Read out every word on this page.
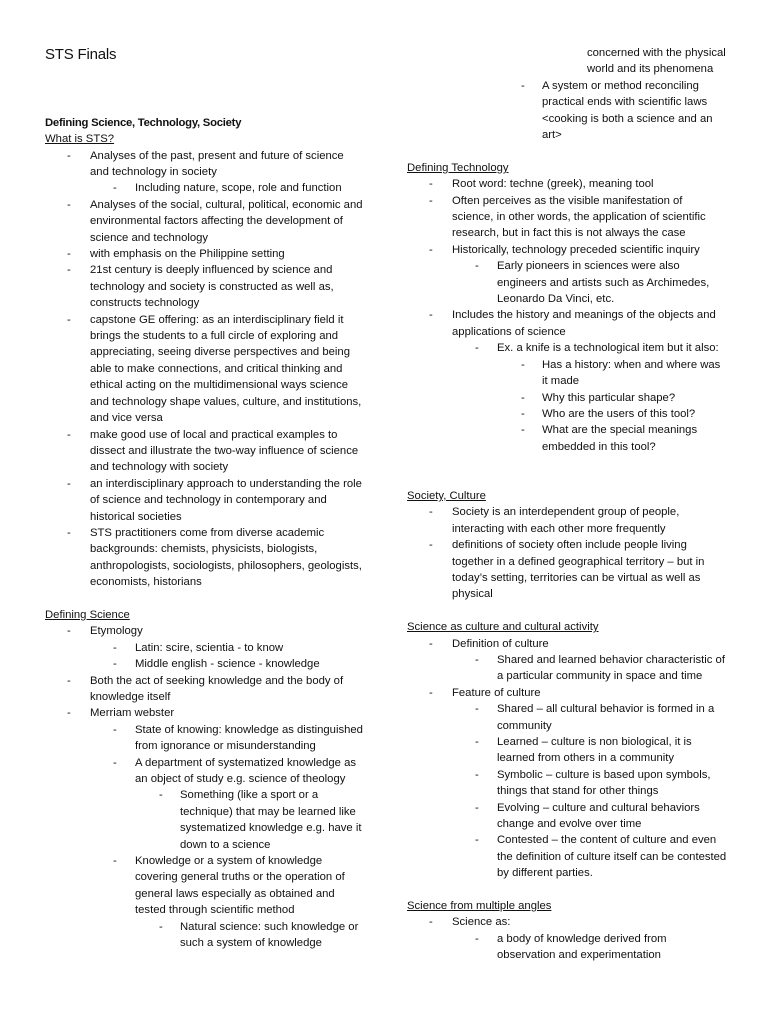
STS Finals
Defining Science, Technology, Society
What is STS?
-	Analyses of the past, present and future of science and technology in society
-	Including nature, scope, role and function
-	Analyses of the social, cultural, political, economic and environmental factors affecting the development of science and technology
-	with emphasis on the Philippine setting
-	21st century is deeply influenced by science and technology and society is constructed as well as, constructs technology
-	capstone GE offering: as an interdisciplinary field it brings the students to a full circle of exploring and appreciating, seeing diverse perspectives and being able to make connections, and critical thinking and ethical acting on the multidimensional ways science and technology shape values, culture, and institutions, and vice versa
-	make good use of local and practical examples to dissect and illustrate the two-way influence of science and technology with society
-	an interdisciplinary approach to understanding the role of science and technology in contemporary and historical societies
-	STS practitioners come from diverse academic backgrounds: chemists, physicists, biologists, anthropologists, sociologists, philosophers, geologists, economists, historians
Defining Science
-	Etymology
-	Latin: scire, scientia - to know
-	Middle english - science - knowledge
-	Both the act of seeking knowledge and the body of knowledge itself
-	Merriam webster
-	State of knowing: knowledge as distinguished from ignorance or misunderstanding
-	A department of systematized knowledge as an object of study e.g. science of theology
-	Something (like a sport or a technique) that may be learned like systematized knowledge e.g. have it down to a science
-	Knowledge or a system of knowledge covering general truths or the operation of general laws especially as obtained and tested through scientific method
-	Natural science: such knowledge or such a system of knowledge
concerned with the physical world and its phenomena
-	A system or method reconciling practical ends with scientific laws <cooking is both a science and an art>
Defining Technology
-	Root word: techne (greek), meaning tool
-	Often perceives as the visible manifestation of science, in other words, the application of scientific research, but in fact this is not always the case
-	Historically, technology preceded scientific inquiry
-	Early pioneers in sciences were also engineers and artists such as Archimedes, Leonardo Da Vinci, etc.
-	Includes the history and meanings of the objects and applications of science
-	Ex. a knife is a technological item but it also:
-	Has a history: when and where was it made
-	Why this particular shape?
-	Who are the users of this tool?
-	What are the special meanings embedded in this tool?
Society, Culture
-	Society is an interdependent group of people, interacting with each other more frequently
-	definitions of society often include people living together in a defined geographical territory – but in today’s setting, territories can be virtual as well as physical
Science as culture and cultural activity
-	Definition of culture
-	Shared and learned behavior characteristic of a particular community in space and time
-	Feature of culture
-	Shared – all cultural behavior is formed in a community
-	Learned – culture is non biological, it is learned from others in a community
-	Symbolic – culture is based upon symbols, things that stand for other things
-	Evolving – culture and cultural behaviors change and evolve over time
-	Contested – the content of culture and even the definition of culture itself can be contested by different parties.
Science from multiple angles
-	Science as:
-	a body of knowledge derived from observation and experimentation
